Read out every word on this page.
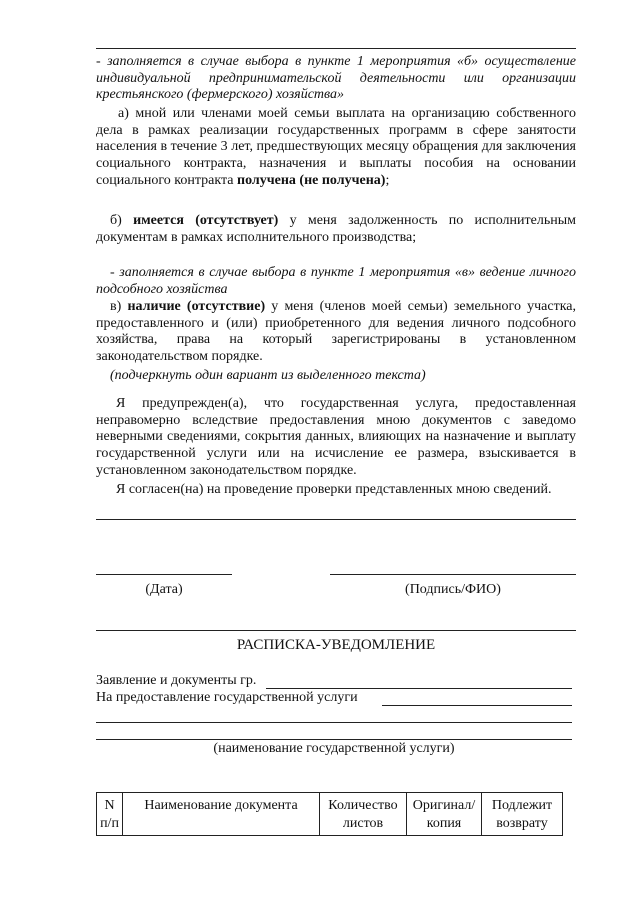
- заполняется в случае выбора в пункте 1 мероприятия «б» осуществление индивидуальной предпринимательской деятельности или организации крестьянского (фермерского) хозяйства»
а) мной или членами моей семьи выплата на организацию собственного дела в рамках реализации государственных программ в сфере занятости населения в течение 3 лет, предшествующих месяцу обращения для заключения социального контракта, назначения и выплаты пособия на основании социального контракта получена (не получена);
б) имеется (отсутствует) у меня задолженность по исполнительным документам в рамках исполнительного производства;
- заполняется в случае выбора в пункте 1 мероприятия «в» ведение личного подсобного хозяйства
в) наличие (отсутствие) у меня (членов моей семьи) земельного участка, предоставленного и (или) приобретенного для ведения личного подсобного хозяйства, права на который зарегистрированы в установленном законодательством порядке.
(подчеркнуть один вариант из выделенного текста)
Я предупрежден(а), что государственная услуга, предоставленная неправомерно вследствие предоставления мною документов с заведомо неверными сведениями, сокрытия данных, влияющих на назначение и выплату государственной услуги или на исчисление ее размера, взыскивается в установленном законодательством порядке.
Я согласен(на) на проведение проверки представленных мною сведений.
(Дата)	(Подпись/ФИО)
РАСПИСКА-УВЕДОМЛЕНИЕ
Заявление и документы гр.
На предоставление государственной услуги
(наименование государственной услуги)
N п/п	Наименование документа	Количество листов	Оригинал/ копия	Подлежит возврату
